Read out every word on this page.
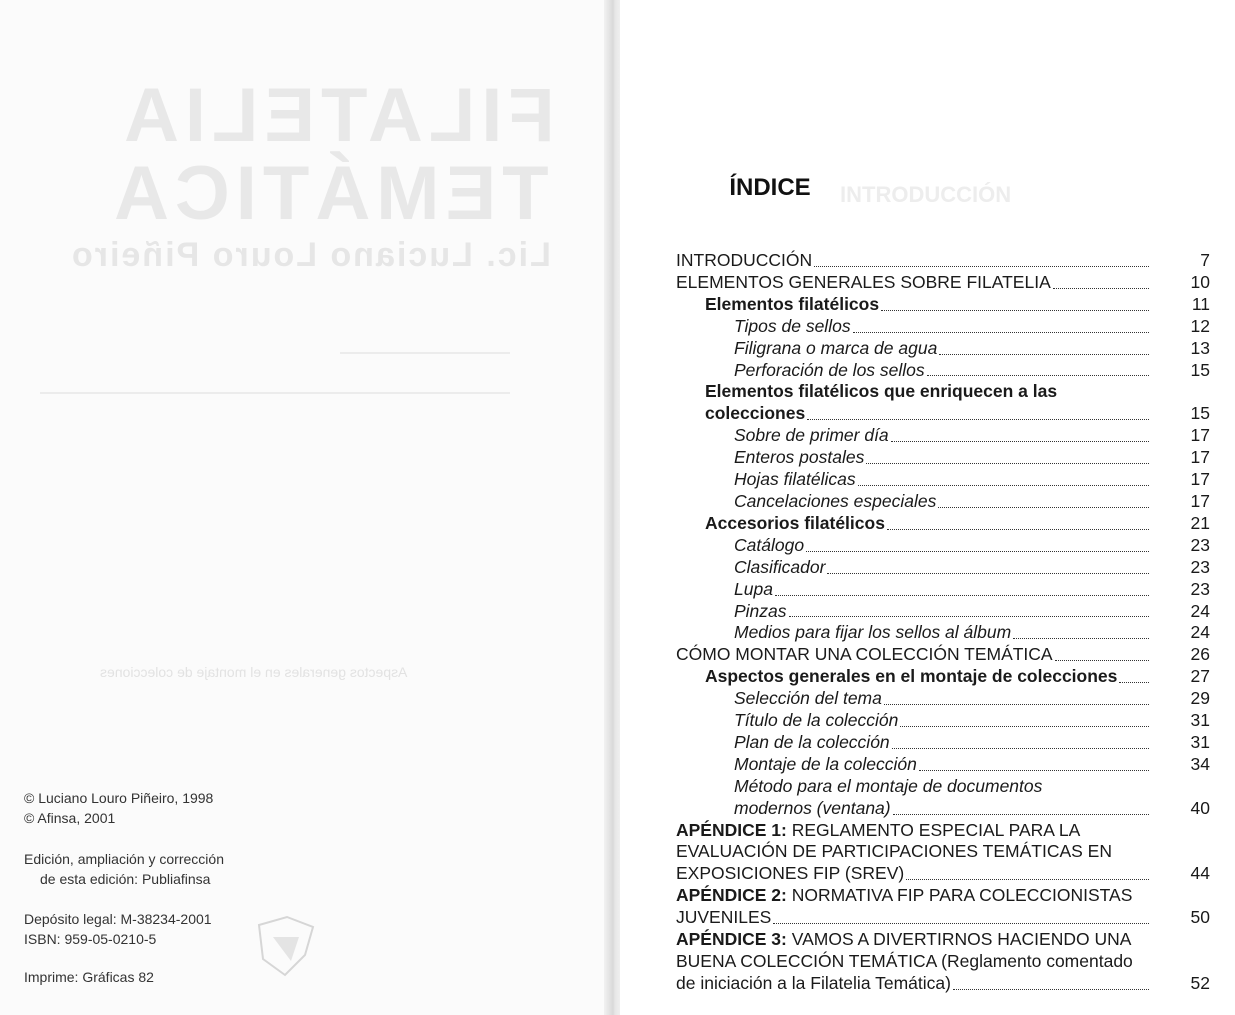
FILATELIA
TEMÁTICA
Lic. Luciano Louro Piñeiro
Aspectos generales en el montaje de colecciones
© Luciano Louro Piñeiro, 1998
© Afinsa, 2001
Edición, ampliación y corrección
de esta edición: Publiafinsa
Depósito legal: M-38234-2001
ISBN: 959-05-0210-5
Imprime: Gráficas 82
INTRODUCCIÓN
ÍNDICE
INTRODUCCIÓN	7
ELEMENTOS GENERALES SOBRE FILATELIA	10
Elementos filatélicos	11
Tipos de sellos	12
Filigrana o marca de agua	13
Perforación de los sellos	15
Elementos filatélicos que enriquecen a las
colecciones	15
Sobre de primer día	17
Enteros postales	17
Hojas filatélicas	17
Cancelaciones especiales	17
Accesorios filatélicos	21
Catálogo	23
Clasificador	23
Lupa	23
Pinzas	24
Medios para fijar los sellos al álbum	24
CÓMO MONTAR UNA COLECCIÓN TEMÁTICA	26
Aspectos generales en el montaje de colecciones	27
Selección del tema	29
Título de la colección	31
Plan de la colección	31
Montaje de la colección	34
Método para el montaje de documentos
modernos (ventana)	40
APÉNDICE 1: REGLAMENTO ESPECIAL PARA LA
EVALUACIÓN DE PARTICIPACIONES TEMÁTICAS EN
EXPOSICIONES FIP (SREV)	44
APÉNDICE 2: NORMATIVA FIP PARA COLECCIONISTAS
JUVENILES	50
APÉNDICE 3: VAMOS A DIVERTIRNOS HACIENDO UNA
BUENA COLECCIÓN TEMÁTICA (Reglamento comentado
de iniciación a la Filatelia Temática)	52
